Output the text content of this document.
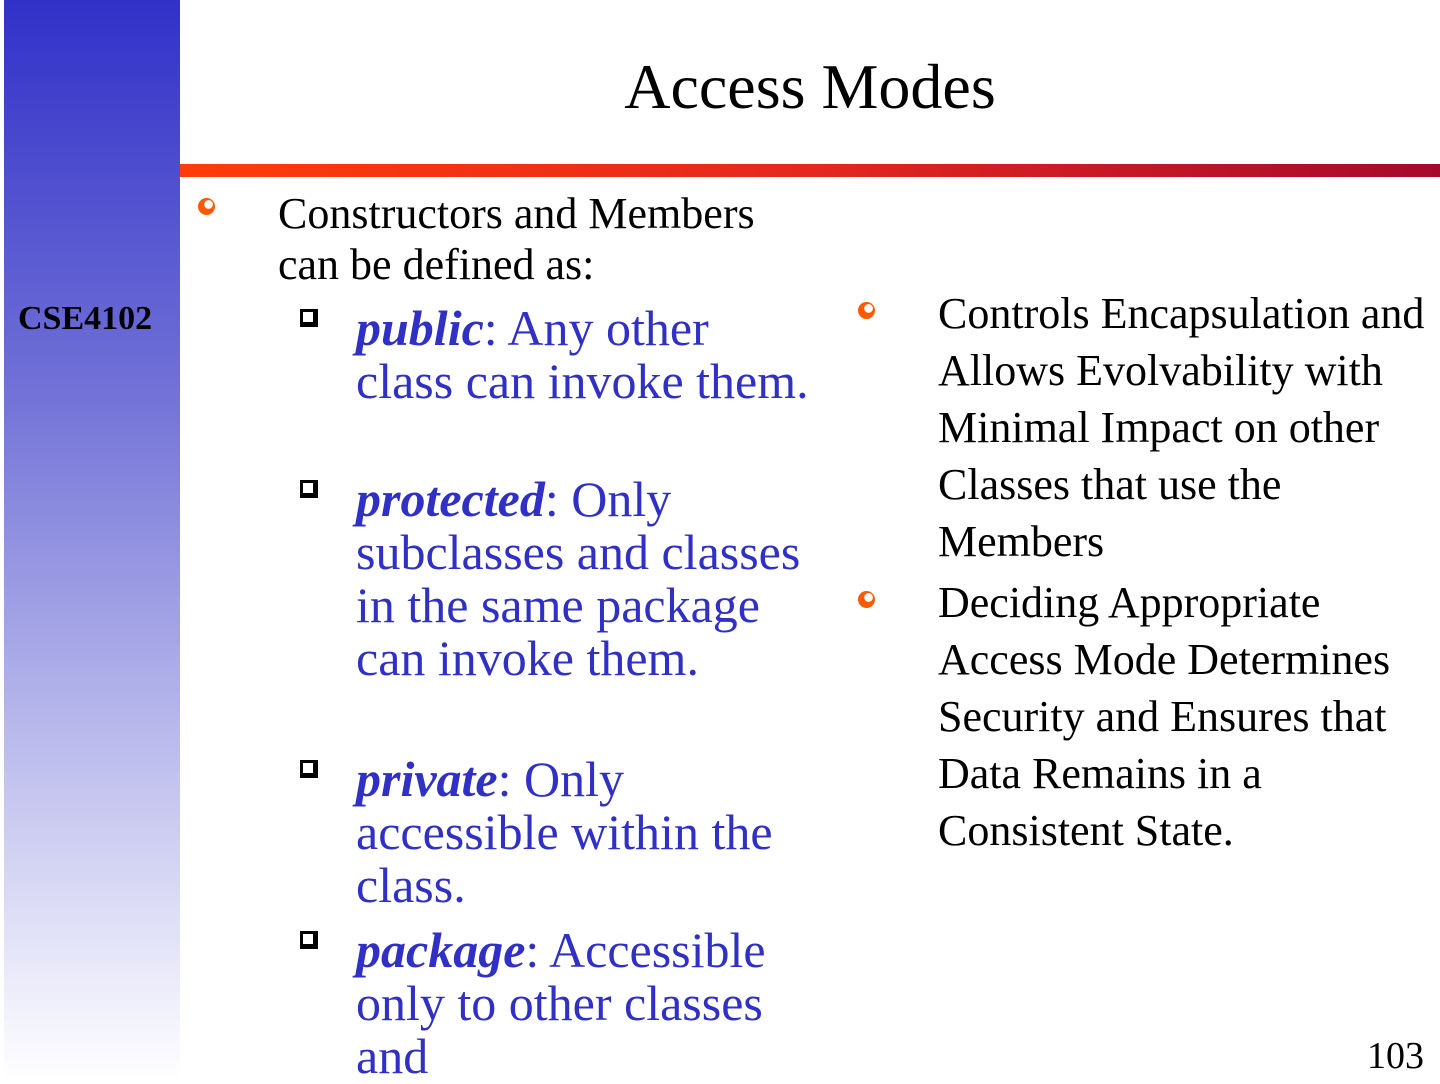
CSE4102
Access Modes
Constructors and Members can be defined as:
public: Any other class can invoke them.
protected: Only subclasses and classes in the same package can invoke them.
private: Only accessible within the class.
package: Accessible only to other classes and
Controls Encapsulation and Allows Evolvability with Minimal Impact on other Classes that use the Members
Deciding Appropriate Access Mode Determines Security and Ensures that Data Remains in a Consistent State.
103
